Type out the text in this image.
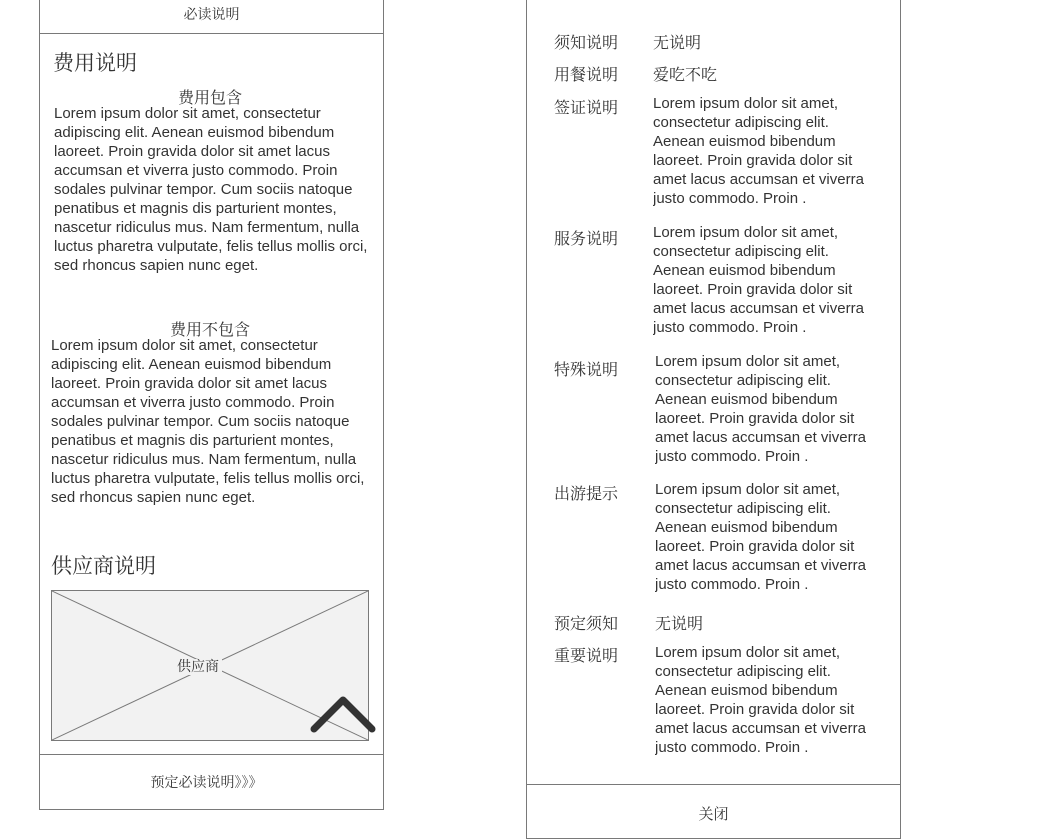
必读说明
费用说明
费用包含
Lorem ipsum dolor sit amet, consectetur adipiscing elit. Aenean euismod bibendum laoreet. Proin gravida dolor sit amet lacus accumsan et viverra justo commodo. Proin sodales pulvinar tempor. Cum sociis natoque penatibus et magnis dis parturient montes, nascetur ridiculus mus. Nam fermentum, nulla luctus pharetra vulputate, felis tellus mollis orci, sed rhoncus sapien nunc eget.
费用不包含
Lorem ipsum dolor sit amet, consectetur adipiscing elit. Aenean euismod bibendum laoreet. Proin gravida dolor sit amet lacus accumsan et viverra justo commodo. Proin sodales pulvinar tempor. Cum sociis natoque penatibus et magnis dis parturient montes, nascetur ridiculus mus. Nam fermentum, nulla luctus pharetra vulputate, felis tellus mollis orci, sed rhoncus sapien nunc eget.
供应商说明
供应商
预定必读说明》》》
须知说明 无说明
用餐说明 爱吃不吃
签证说明 Lorem ipsum dolor sit amet, consectetur adipiscing elit. Aenean euismod bibendum laoreet. Proin gravida dolor sit amet lacus accumsan et viverra justo commodo. Proin .
服务说明 Lorem ipsum dolor sit amet, consectetur adipiscing elit. Aenean euismod bibendum laoreet. Proin gravida dolor sit amet lacus accumsan et viverra justo commodo. Proin .
特殊说明 Lorem ipsum dolor sit amet, consectetur adipiscing elit. Aenean euismod bibendum laoreet. Proin gravida dolor sit amet lacus accumsan et viverra justo commodo. Proin .
出游提示 Lorem ipsum dolor sit amet, consectetur adipiscing elit. Aenean euismod bibendum laoreet. Proin gravida dolor sit amet lacus accumsan et viverra justo commodo. Proin .
预定须知 无说明
重要说明 Lorem ipsum dolor sit amet, consectetur adipiscing elit. Aenean euismod bibendum laoreet. Proin gravida dolor sit amet lacus accumsan et viverra justo commodo. Proin .
关闭
